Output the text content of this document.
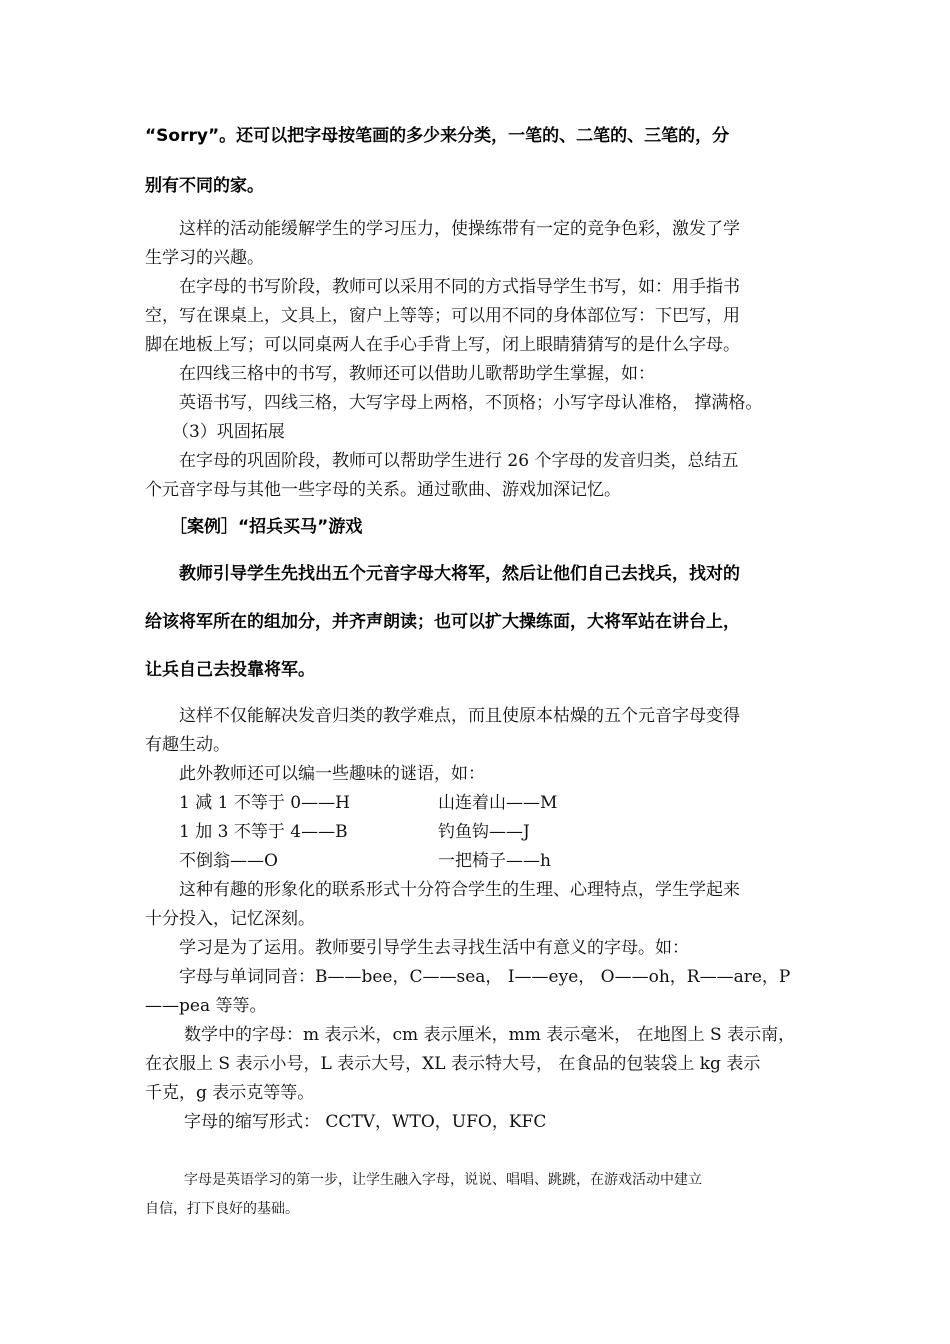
“Sorry”。还可以把字母按笔画的多少来分类，一笔的、二笔的、三笔的，分
别有不同的家。
这样的活动能缓解学生的学习压力，使操练带有一定的竞争色彩，激发了学
生学习的兴趣。
在字母的书写阶段，教师可以采用不同的方式指导学生书写，如：用手指书
空，写在课桌上，文具上，窗户上等等；可以用不同的身体部位写：下巴写，用
脚在地板上写；可以同桌两人在手心手背上写，闭上眼睛猜猜写的是什么字母。
在四线三格中的书写，教师还可以借助儿歌帮助学生掌握，如：
英语书写，四线三格，大写字母上两格，不顶格；小写字母认准格， 撑满格。
（3）巩固拓展
在字母的巩固阶段，教师可以帮助学生进行 26 个字母的发音归类，总结五
个元音字母与其他一些字母的关系。通过歌曲、游戏加深记忆。
［案例］“招兵买马”游戏
教师引导学生先找出五个元音字母大将军，然后让他们自己去找兵，找对的
给该将军所在的组加分，并齐声朗读；也可以扩大操练面，大将军站在讲台上，
让兵自己去投靠将军。
这样不仅能解决发音归类的教学难点，而且使原本枯燥的五个元音字母变得
有趣生动。
此外教师还可以编一些趣味的谜语，如：
1 减 1 不等于 0——H	山连着山——M
1 加 3 不等于 4——B	钓鱼钩——J
不倒翁——O	一把椅子——h
这种有趣的形象化的联系形式十分符合学生的生理、心理特点，学生学起来
十分投入，记忆深刻。
学习是为了运用。教师要引导学生去寻找生活中有意义的字母。如：
字母与单词同音：B——bee，C——sea， I——eye， O——oh，R——are，P
——pea 等等。
数学中的字母：m 表示米，cm 表示厘米，mm 表示毫米， 在地图上 S 表示南，
在衣服上 S 表示小号，L 表示大号，XL 表示特大号， 在食品的包装袋上 kg 表示
千克，g 表示克等等。
字母的缩写形式： CCTV，WTO，UFO，KFC
字母是英语学习的第一步，让学生融入字母，说说、唱唱、跳跳，在游戏活动中建立
自信，打下良好的基础。
